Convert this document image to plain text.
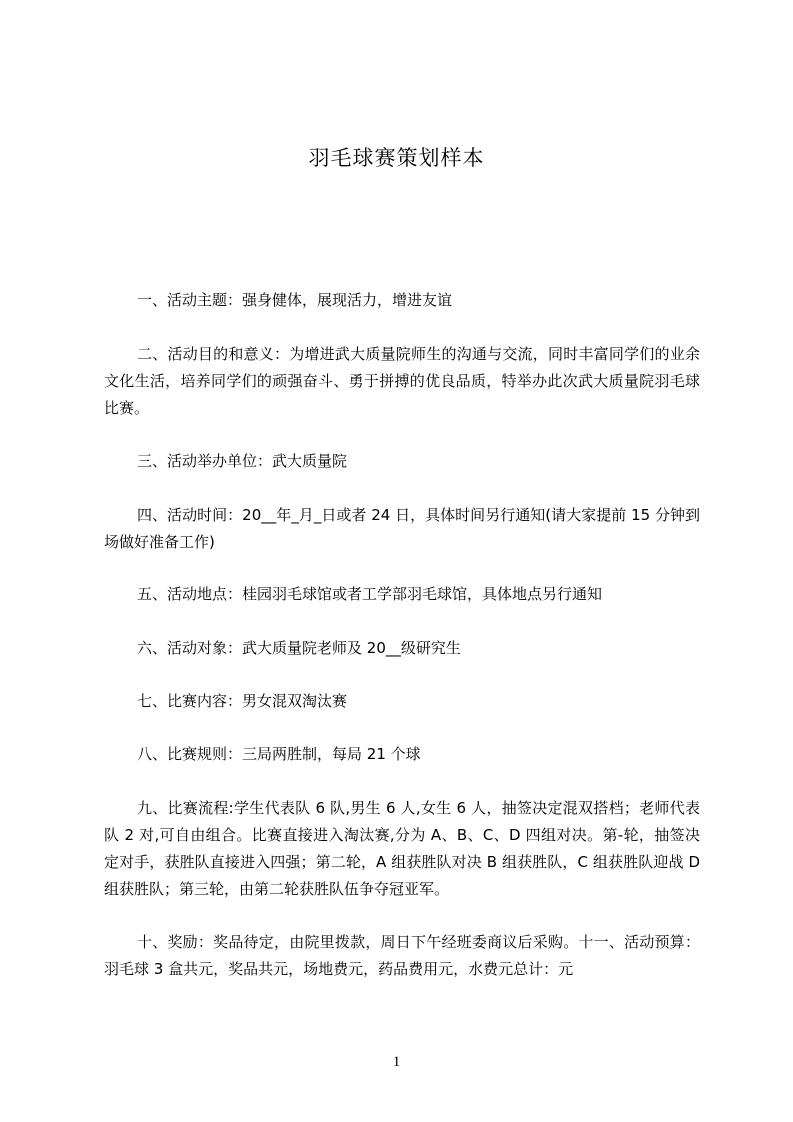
羽毛球赛策划样本

一、活动主题：强身健体，展现活力，增进友谊

二、活动目的和意义：为增进武大质量院师生的沟通与交流，同时丰富同学们的业余文化生活，培养同学们的顽强奋斗、勇于拼搏的优良品质，特举办此次武大质量院羽毛球比赛。

三、活动举办单位：武大质量院

四、活动时间：20__年_月_日或者 24 日，具体时间另行通知(请大家提前 15 分钟到场做好准备工作)

五、活动地点：桂园羽毛球馆或者工学部羽毛球馆，具体地点另行通知

六、活动对象：武大质量院老师及 20__级研究生

七、比赛内容：男女混双淘汰赛

八、比赛规则：三局两胜制，每局 21 个球

九、比赛流程:学生代表队 6 队,男生 6 人,女生 6 人，抽签决定混双搭档；老师代表队 2 对,可自由组合。比赛直接进入淘汰赛,分为 A、B、C、D 四组对决。第-轮，抽签决定对手，获胜队直接进入四强；第二轮，A 组获胜队对决 B 组获胜队，C 组获胜队迎战 D 组获胜队；第三轮，由第二轮获胜队伍争夺冠亚军。

十、奖励：奖品待定，由院里拨款，周日下午经班委商议后采购。十一、活动预算：羽毛球 3 盒共元，奖品共元，场地费元，药品费用元，水费元总计：元

1
